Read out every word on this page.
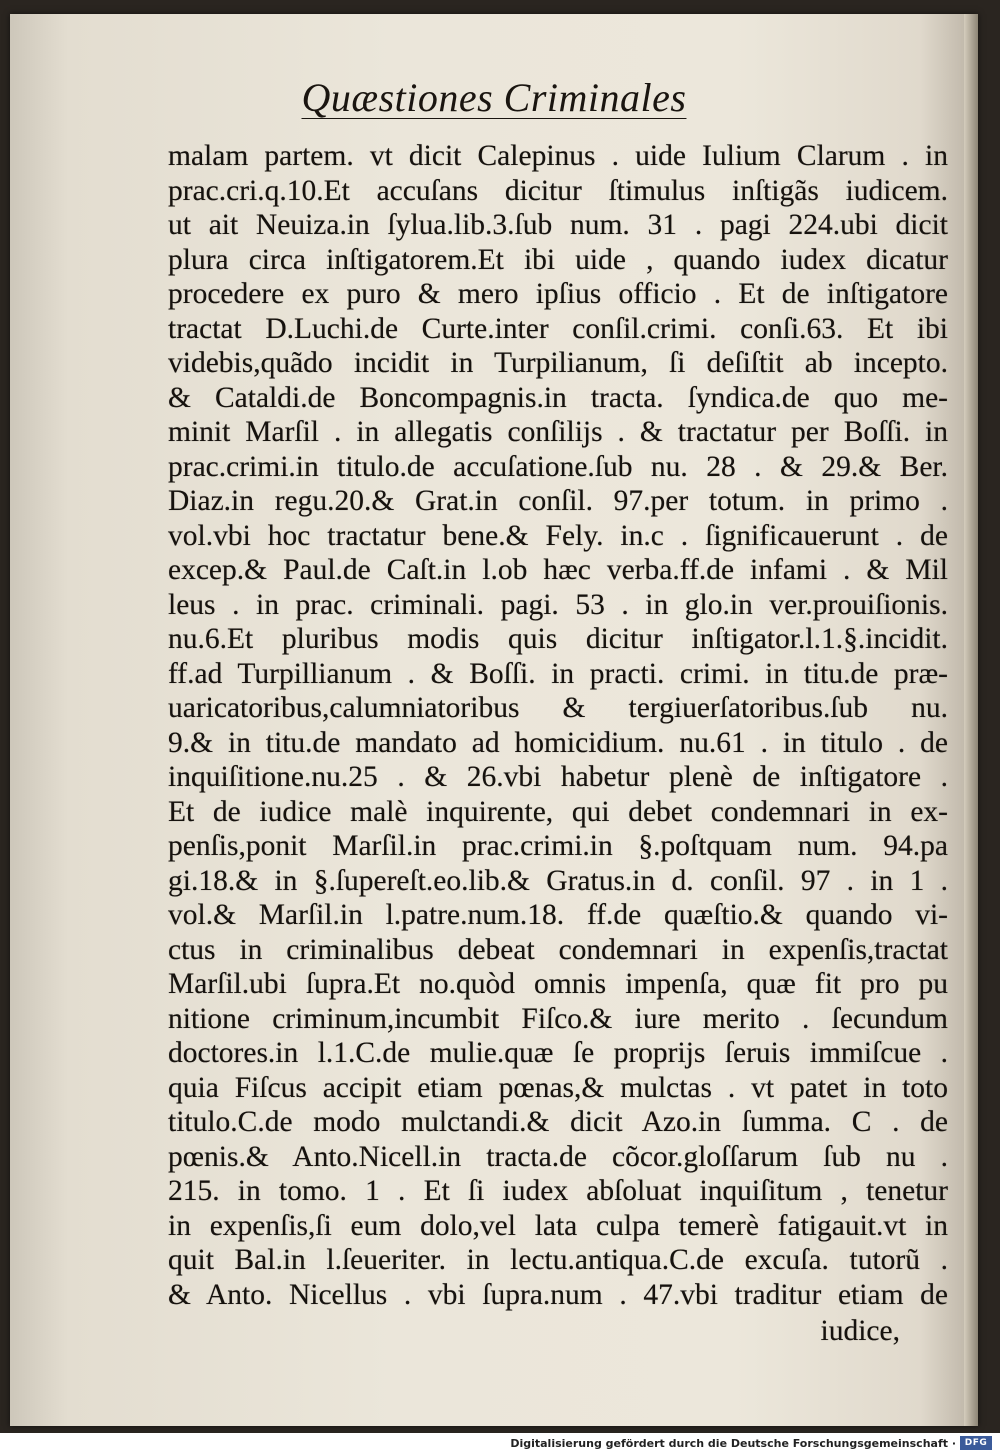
Quæstiones Criminales
malam partem. vt dicit Calepinus . uide Iulium Clarum . in
prac.cri.q.10.Et accuſans dicitur ſtimulus inſtigãs iudicem.
ut ait Neuiza.in ſylua.lib.3.ſub num. 31 . pagi 224.ubi dicit
plura circa inſtigatorem.Et ibi uide , quando iudex dicatur
procedere ex puro & mero ipſius officio . Et de inſtigatore
tractat D.Luchi.de Curte.inter conſil.crimi. conſi.63. Et ibi
videbis,quãdo incidit in Turpilianum, ſi deſiſtit ab incepto.
& Cataldi.de Boncompagnis.in tracta. ſyndica.de quo me-
minit Marſil . in allegatis conſilijs . & tractatur per Boſſi. in
prac.crimi.in titulo.de accuſatione.ſub nu. 28 . & 29.& Ber.
Diaz.in regu.20.& Grat.in conſil. 97.per totum. in primo .
vol.vbi hoc tractatur bene.& Fely. in.c . ſignificauerunt . de
excep.& Paul.de Caſt.in l.ob hæc verba.ff.de infami . & Mil
leus . in prac. criminali. pagi. 53 . in glo.in ver.prouiſionis.
nu.6.Et pluribus modis quis dicitur inſtigator.l.1.§.incidit.
ff.ad Turpillianum . & Boſſi. in practi. crimi. in titu.de præ-
uaricatoribus,calumniatoribus & tergiuerſatoribus.ſub nu.
9.& in titu.de mandato ad homicidium. nu.61 . in titulo . de
inquiſitione.nu.25 . & 26.vbi habetur plenè de inſtigatore .
Et de iudice malè inquirente, qui debet condemnari in ex-
penſis,ponit Marſil.in prac.crimi.in §.poſtquam num. 94.pa
gi.18.& in §.ſupereſt.eo.lib.& Gratus.in d. conſil. 97 . in 1 .
vol.& Marſil.in l.patre.num.18. ff.de quæſtio.& quando vi-
ctus in criminalibus debeat condemnari in expenſis,tractat
Marſil.ubi ſupra.Et no.quòd omnis impenſa, quæ fit pro pu
nitione criminum,incumbit Fiſco.& iure merito . ſecundum
doctores.in l.1.C.de mulie.quæ ſe proprijs ſeruis immiſcue .
quia Fiſcus accipit etiam pœnas,& mulctas . vt patet in toto
titulo.C.de modo mulctandi.& dicit Azo.in ſumma. C . de
pœnis.& Anto.Nicell.in tracta.de cõcor.gloſſarum ſub nu .
215. in tomo. 1 . Et ſi iudex abſoluat inquiſitum , tenetur
in expenſis,ſi eum dolo,vel lata culpa temerè fatigauit.vt in
quit Bal.in l.ſeueriter. in lectu.antiqua.C.de excuſa. tutorũ .
& Anto. Nicellus . vbi ſupra.num . 47.vbi traditur etiam de
iudice,
Digitalisierung gefördert durch die Deutsche Forschungsgemeinschaft · DFG
